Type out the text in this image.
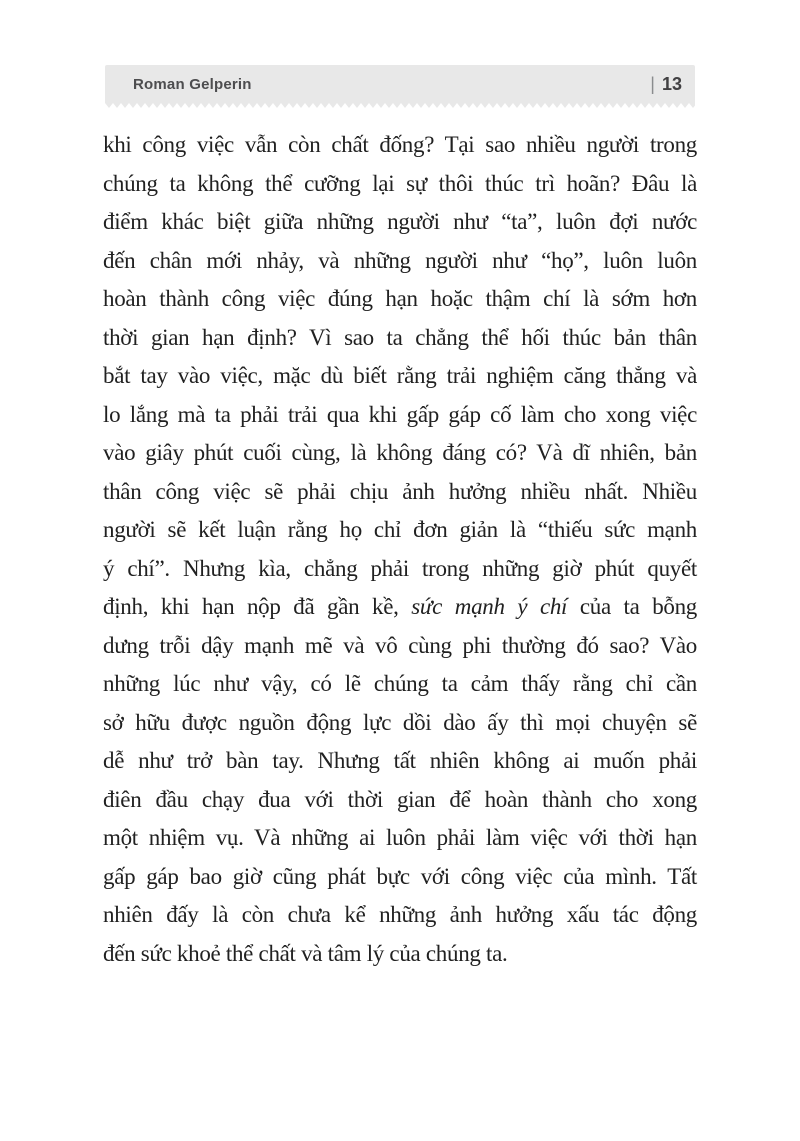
Roman Gelperin	| 13
khi công việc vẫn còn chất đống? Tại sao nhiều người trong
chúng ta không thể cưỡng lại sự thôi thúc trì hoãn? Đâu là
điểm khác biệt giữa những người như “ta”, luôn đợi nước
đến chân mới nhảy, và những người như “họ”, luôn luôn
hoàn thành công việc đúng hạn hoặc thậm chí là sớm hơn
thời gian hạn định? Vì sao ta chẳng thể hối thúc bản thân
bắt tay vào việc, mặc dù biết rằng trải nghiệm căng thẳng và
lo lắng mà ta phải trải qua khi gấp gáp cố làm cho xong việc
vào giây phút cuối cùng, là không đáng có? Và dĩ nhiên, bản
thân công việc sẽ phải chịu ảnh hưởng nhiều nhất. Nhiều
người sẽ kết luận rằng họ chỉ đơn giản là “thiếu sức mạnh
ý chí”. Nhưng kìa, chẳng phải trong những giờ phút quyết
định, khi hạn nộp đã gần kề, sức mạnh ý chí của ta bỗng
dưng trỗi dậy mạnh mẽ và vô cùng phi thường đó sao? Vào
những lúc như vậy, có lẽ chúng ta cảm thấy rằng chỉ cần
sở hữu được nguồn động lực dồi dào ấy thì mọi chuyện sẽ
dễ như trở bàn tay. Nhưng tất nhiên không ai muốn phải
điên đầu chạy đua với thời gian để hoàn thành cho xong
một nhiệm vụ. Và những ai luôn phải làm việc với thời hạn
gấp gáp bao giờ cũng phát bực với công việc của mình. Tất
nhiên đấy là còn chưa kể những ảnh hưởng xấu tác động
đến sức khoẻ thể chất và tâm lý của chúng ta.
